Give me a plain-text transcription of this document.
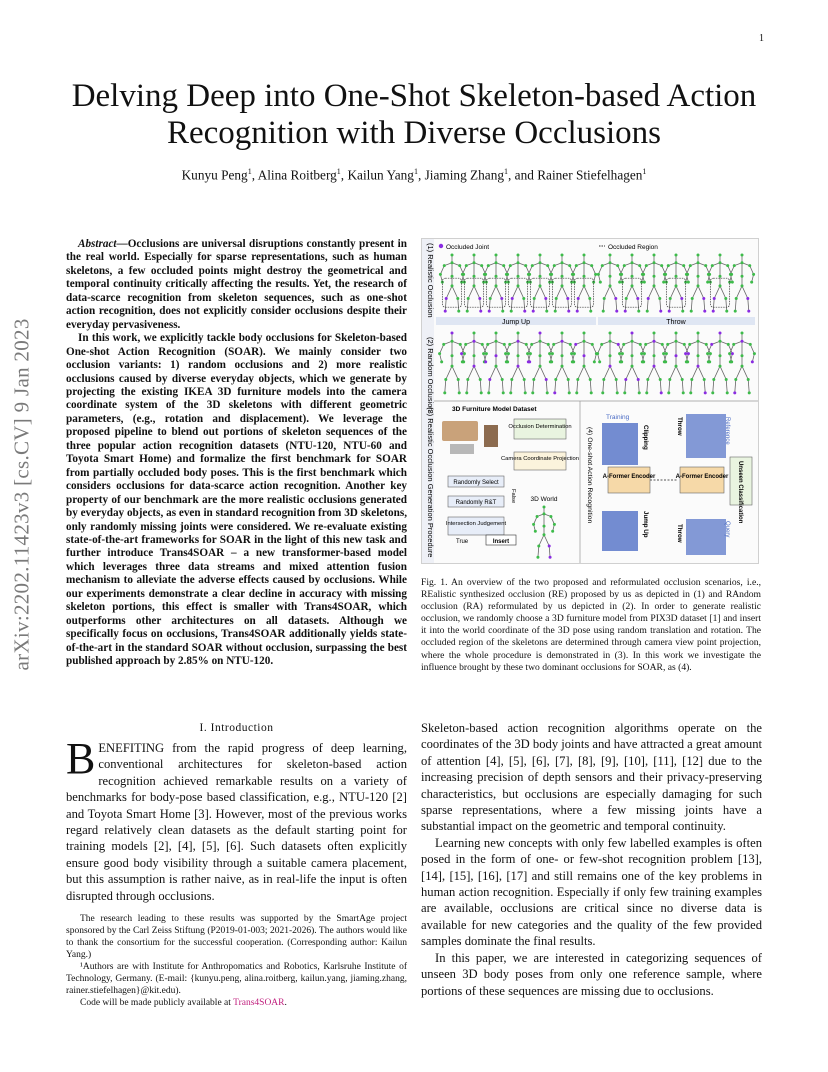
1
Delving Deep into One-Shot Skeleton-based Action Recognition with Diverse Occlusions
Kunyu Peng$^1$, Alina Roitberg$^1$, Kailun Yang$^1$, Jiaming Zhang$^1$, and Rainer Stiefelhagen$^1$
arXiv:2202.11423v3 [cs.CV] 9 Jan 2023

Abstract—Occlusions are universal disruptions constantly present in the real world. Especially for sparse representations, such as human skeletons, a few occluded points might destroy the geometrical and temporal continuity critically affecting the results. Yet, the research of data-scarce recognition from skeleton sequences, such as one-shot action recognition, does not explicitly consider occlusions despite their everyday pervasiveness.

In this work, we explicitly tackle body occlusions for Skeleton-based One-shot Action Recognition (SOAR). We mainly consider two occlusion variants: 1) random occlusions and 2) more realistic occlusions caused by diverse everyday objects, which we generate by projecting the existing IKEA 3D furniture models into the camera coordinate system of the 3D skeletons with different geometric parameters, (e.g., rotation and displacement). We leverage the proposed pipeline to blend out portions of skeleton sequences of the three popular action recognition datasets (NTU-120, NTU-60 and Toyota Smart Home) and formalize the first benchmark for SOAR from partially occluded body poses. This is the first benchmark which considers occlusions for data-scarce action recognition. Another key property of our benchmark are the more realistic occlusions generated by everyday objects, as even in standard recognition from 3D skeletons, only randomly missing joints were considered. We re-evaluate existing state-of-the-art frameworks for SOAR in the light of this new task and further introduce Trans4SOAR – a new transformer-based model which leverages three data streams and mixed attention fusion mechanism to alleviate the adverse effects caused by occlusions. While our experiments demonstrate a clear decline in accuracy with missing skeleton portions, this effect is smaller with Trans4SOAR, which outperforms other architectures on all datasets. Although we specifically focus on occlusions, Trans4SOAR additionally yields state-of-the-art in the standard SOAR without occlusion, surpassing the best published approach by 2.85% on NTU-120.

I. Introduction
BENEFITING from the rapid progress of deep learning, conventional architectures for skeleton-based action recognition achieved remarkable results on a variety of benchmarks for body-pose based classification, e.g., NTU-120 [2] and Toyota Smart Home [3]. However, most of the previous works regard relatively clean datasets as the default starting point for training models [2], [4], [5], [6]. Such datasets often explicitly ensure good body visibility through a suitable camera placement, but this assumption is rather naive, as in real-life the input is often disrupted through occlusions.

The research leading to these results was supported by the SmartAge project sponsored by the Carl Zeiss Stiftung (P2019-01-003; 2021-2026). The authors would like to thank the consortium for the successful cooperation. (Corresponding author: Kailun Yang.)

¹Authors are with Institute for Anthropomatics and Robotics, Karlsruhe Institute of Technology, Germany. (E-mail: {kunyu.peng, alina.roitberg, kailun.yang, jiaming.zhang, rainer.stiefelhagen}@kit.edu).

Code will be made publicly available at Trans4SOAR.

(1) Realistic Occlusion
(2) Random Occlusion
(3) Realistic Occlusion Generation Procedure
Occluded Joint	Occluded Region
Jump Up	Throw
3D Furniture Model Dataset
Occlusion Determination
Camera Coordinate Projection
Randomly Select
Randomly R&T
Intersection Judgement
True	Insert
False 3D World	(4) One-shot Action Recognition
Training
Clipping
Jump Up
Throw
Throw
Reference
Query
A-Former Encoder	A-Former Encoder Unseen Classification
Fig. 1. An overview of the two proposed and reformulated occlusion scenarios, i.e., REalistic synthesized occlusion (RE) proposed by us as depicted in (1) and RAndom occlusion (RA) reformulated by us depicted in (2). In order to generate realistic occlusion, we randomly choose a 3D furniture model from PIX3D dataset [1] and insert it into the world coordinate of the 3D pose using random translation and rotation. The occluded region of the skeletons are determined through camera view point projection, where the whole procedure is demonstrated in (3). In this work we investigate the influence brought by these two dominant occlusions for SOAR, as (4).

Skeleton-based action recognition algorithms operate on the coordinates of the 3D body joints and have attracted a great amount of attention [4], [5], [6], [7], [8], [9], [10], [11], [12] due to the increasing precision of depth sensors and their privacy-preserving characteristics, but occlusions are especially damaging for such sparse representations, where a few missing joints have a substantial impact on the geometric and temporal continuity.

Learning new concepts with only few labelled examples is often posed in the form of one- or few-shot recognition problem [13], [14], [15], [16], [17] and still remains one of the key problems in human action recognition. Especially if only few training examples are available, occlusions are critical since no diverse data is available for new categories and the quality of the few provided samples dominate the final results.

In this paper, we are interested in categorizing sequences of unseen 3D body poses from only one reference sample, where portions of these sequences are missing due to occlusions.
